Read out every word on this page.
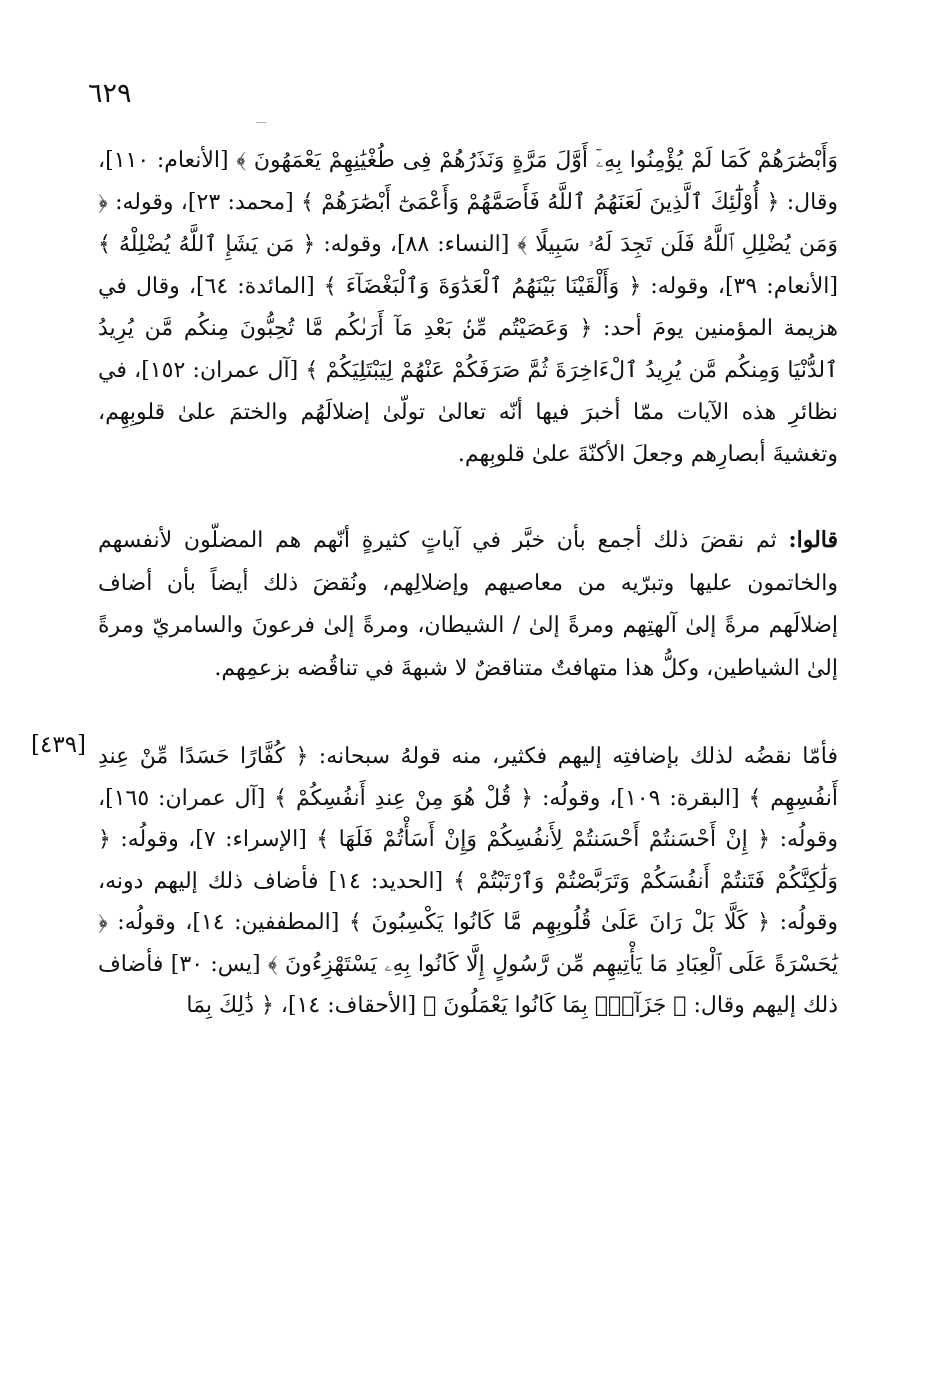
٦٢٩

وَأَبْصَٰرَهُمْ كَمَا لَمْ يُؤْمِنُوا بِهِۦٓ أَوَّلَ مَرَّةٍ وَنَذَرُهُمْ فِى طُغْيَٰنِهِمْ يَعْمَهُونَ ﴾ [الأنعام: ١١٠]، وقال: ﴿ أُوْلَٰٓئِكَ ٱلَّذِينَ لَعَنَهُمُ ٱللَّهُ فَأَصَمَّهُمْ وَأَعْمَىٰٓ أَبْصَٰرَهُمْ ﴾ [محمد: ٢٣]، وقوله: ﴿ وَمَن يُضْلِلِ ٱللَّهُ فَلَن تَجِدَ لَهُۥ سَبِيلًا ﴾ [النساء: ٨٨]، وقوله: ﴿ مَن يَشَإِ ٱللَّهُ يُضْلِلْهُ ﴾ [الأنعام: ٣٩]، وقوله: ﴿ وَأَلْقَيْنَا بَيْنَهُمُ ٱلْعَدَٰوَةَ وَٱلْبَغْضَآءَ ﴾ [المائدة: ٦٤]، وقال في هزيمة المؤمنين يومَ أحد: ﴿ وَعَصَيْتُم مِّنۢ بَعْدِ مَآ أَرَىٰكُم مَّا تُحِبُّونَ مِنكُم مَّن يُرِيدُ ٱلدُّنْيَا وَمِنكُم مَّن يُرِيدُ ٱلْءَاخِرَةَ ثُمَّ صَرَفَكُمْ عَنْهُمْ لِيَبْتَلِيَكُمْ ﴾ [آل عمران: ١٥٢]، في نظائرِ هذه الآيات ممّا أخبرَ فيها أنّه تعالىٰ تولّىٰ إضلالَهُم والختمَ علىٰ قلوبِهِم، وتغشيةَ أبصارِهم وجعلَ الأكنّةَ علىٰ قلوبِهم.

قالوا: ثم نقضَ ذلك أجمع بأن خبَّر في آياتٍ كثيرةٍ أنّهم هم المضلّون لأنفسهم والخاتمون عليها وتبرّيه من معاصيهم وإضلالِهم، ونُقضَ ذلك أيضاً بأن أضاف إضلالَهم مرةً إلىٰ آلهتِهم ومرةً إلىٰ / الشيطان، ومرةً إلىٰ فرعونَ والسامريّ ومرةً إلىٰ الشياطين، وكلُّ هذا متهافتٌ متناقضٌ لا شبهةَ في تناقُضه بزعمِهم.

فأمّا نقضُه لذلك بإضافتِه إليهم فكثير، منه قولهُ سبحانه: ﴿ كُفَّارًا حَسَدًا مِّنْ عِندِ أَنفُسِهِم ﴾ [البقرة: ١٠٩]، وقولُه: ﴿ قُلْ هُوَ مِنْ عِندِ أَنفُسِكُمْ ﴾ [آل عمران: ١٦٥]، وقولُه: ﴿ إِنْ أَحْسَنتُمْ أَحْسَنتُمْ لِأَنفُسِكُمْ وَإِنْ أَسَأْتُمْ فَلَهَا ﴾ [الإسراء: ٧]، وقولُه: ﴿ وَلَٰكِنَّكُمْ فَتَنتُمْ أَنفُسَكُمْ وَتَرَبَّصْتُمْ وَٱرْتَبْتُمْ ﴾ [الحديد: ١٤] فأضاف ذلك إليهم دونه، وقولُه: ﴿ كَلَّا بَلْ رَانَ عَلَىٰ قُلُوبِهِم مَّا كَانُوا يَكْسِبُونَ ﴾ [المطففين: ١٤]، وقولُه: ﴿ يَٰحَسْرَةً عَلَى ٱلْعِبَادِ مَا يَأْتِيهِم مِّن رَّسُولٍ إِلَّا كَانُوا بِهِۦ يَسْتَهْزِءُونَ ﴾ [يس: ٣٠] فأضاف ذلك إليهم وقال: ﴿ جَزَآءًۢ بِمَا كَانُوا يَعْمَلُونَ ﴾ [الأحقاف: ١٤]، ﴿ ذَٰلِكَ بِمَا

[٤٣٩]
